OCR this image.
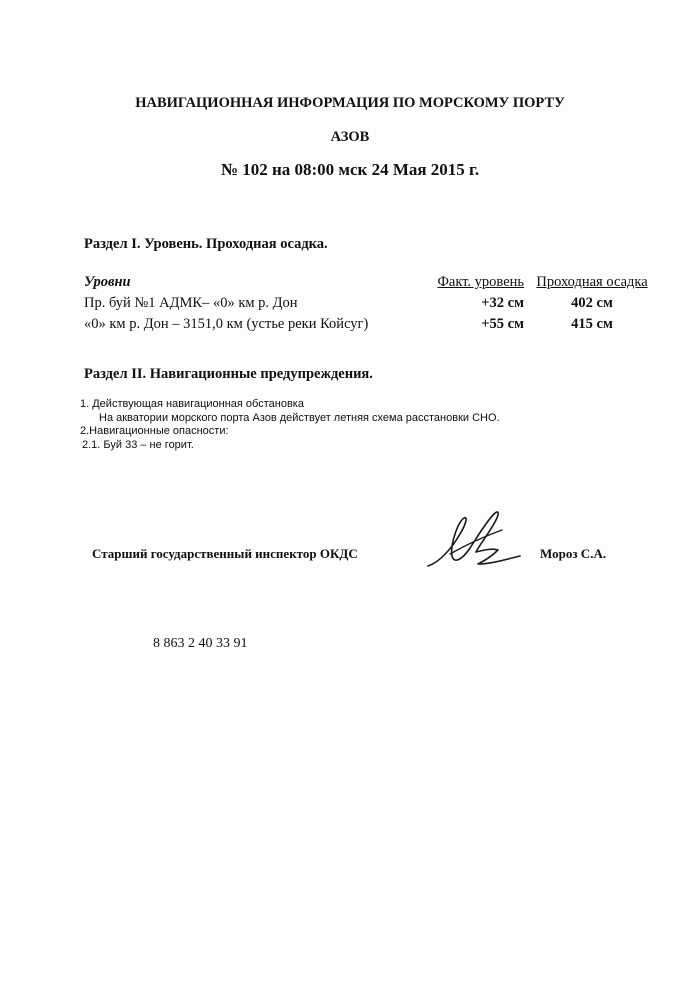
НАВИГАЦИОННАЯ ИНФОРМАЦИЯ ПО МОРСКОМУ ПОРТУ
АЗОВ
№ 102 на 08:00 мск 24 Мая 2015 г.
Раздел I. Уровень. Проходная осадка.
Уровни	Факт. уровень Проходная осадка
Пр. буй №1 АДМК– «0» км р. Дон	+32 см	402 см
«0» км р. Дон – 3151,0 км (устье реки Койсуг)	+55 см	415 см
Раздел II. Навигационные предупреждения.
1. Действующая навигационная обстановка
На акватории морского порта Азов действует летняя схема расстановки СНО.
2.Навигационные опасности:
2.1. Буй 33 – не горит.
Старший государственный инспектор ОКДС	Мороз С.А.
8 863 2 40 33 91
